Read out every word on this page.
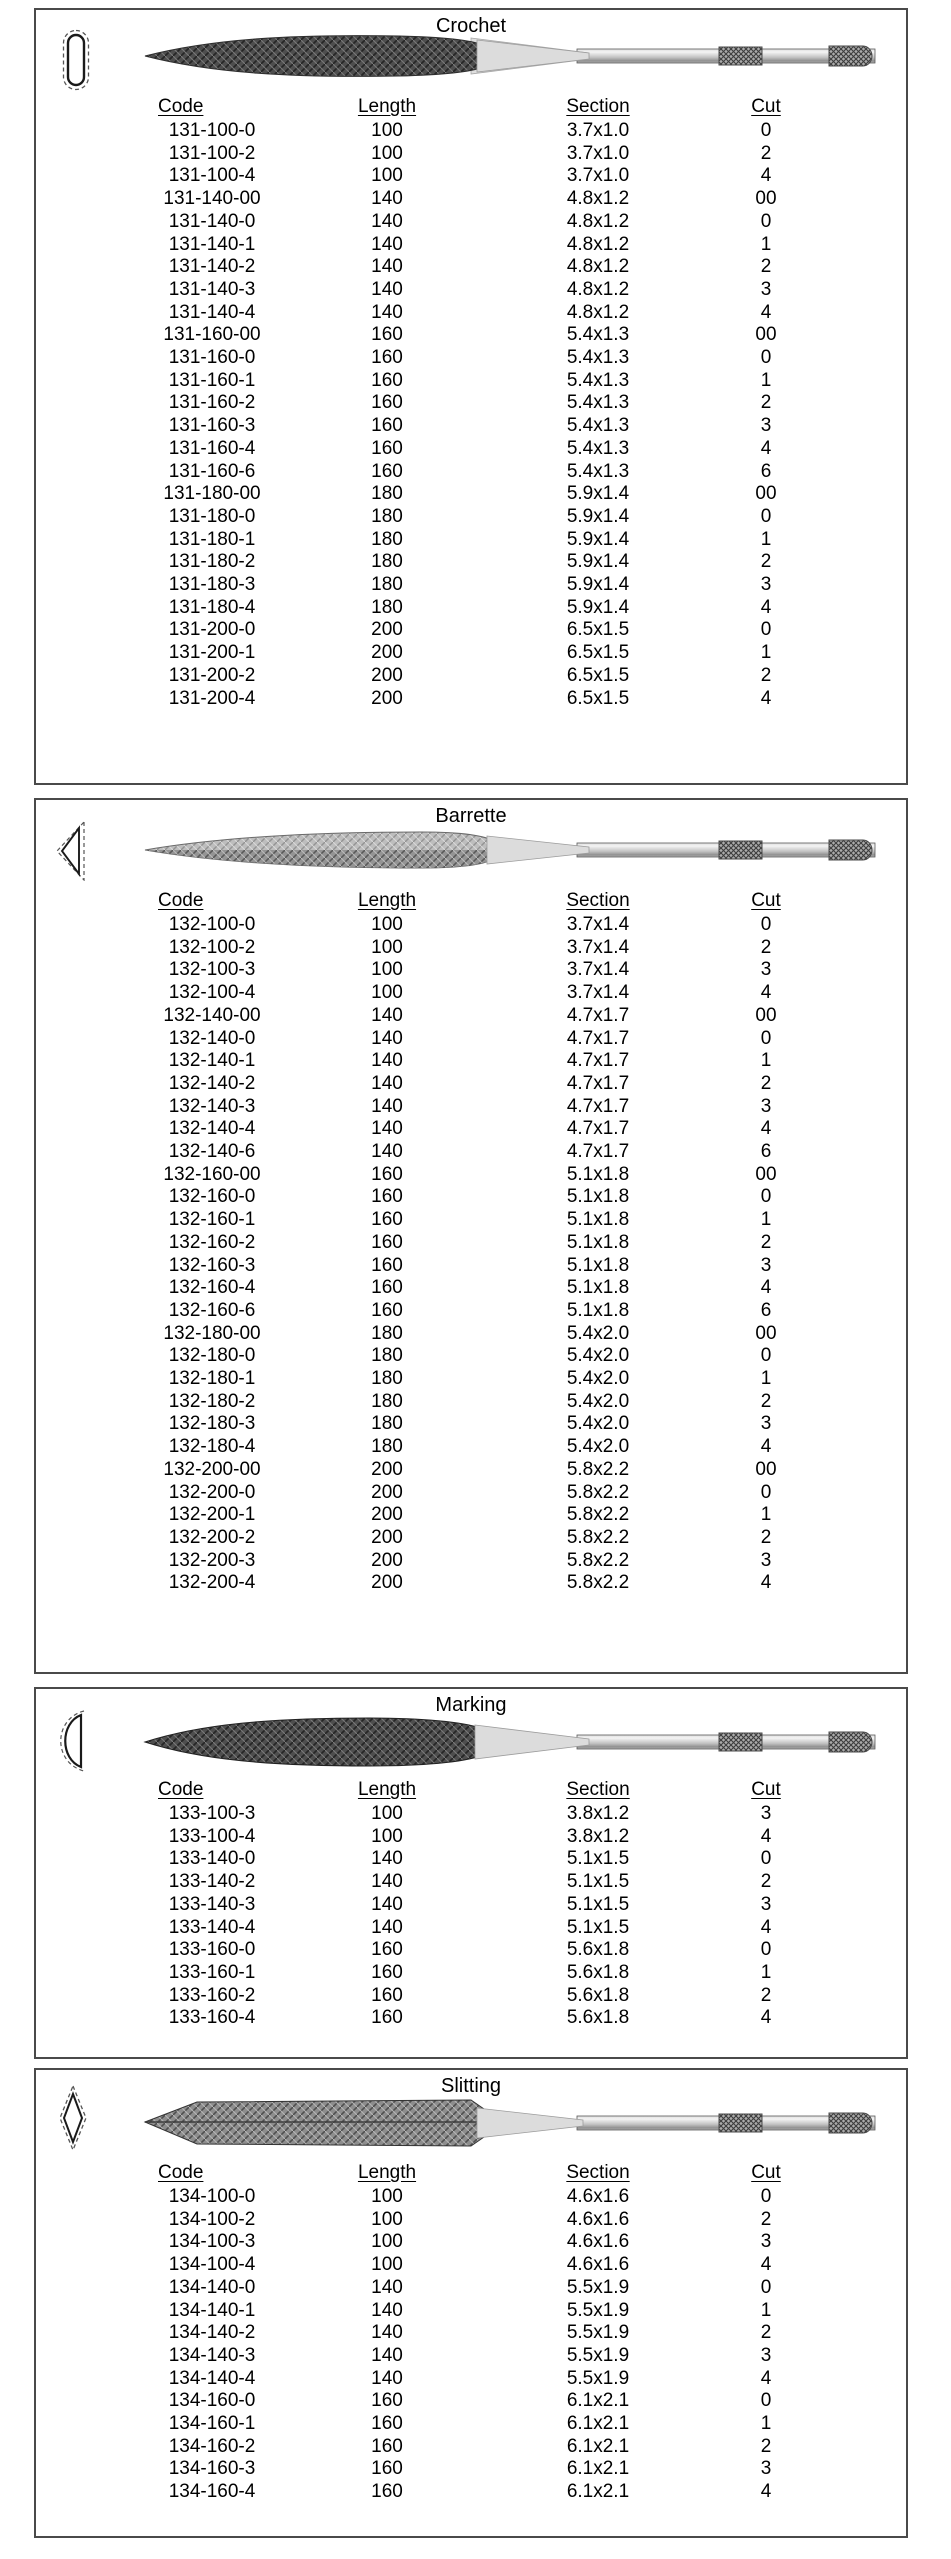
Crochet
Code	Length	Section	Cut
131-100-0	100	3.7x1.0	0
131-100-2	100	3.7x1.0	2
131-100-4	100	3.7x1.0	4
131-140-00	140	4.8x1.2	00
131-140-0	140	4.8x1.2	0
131-140-1	140	4.8x1.2	1
131-140-2	140	4.8x1.2	2
131-140-3	140	4.8x1.2	3
131-140-4	140	4.8x1.2	4
131-160-00	160	5.4x1.3	00
131-160-0	160	5.4x1.3	0
131-160-1	160	5.4x1.3	1
131-160-2	160	5.4x1.3	2
131-160-3	160	5.4x1.3	3
131-160-4	160	5.4x1.3	4
131-160-6	160	5.4x1.3	6
131-180-00	180	5.9x1.4	00
131-180-0	180	5.9x1.4	0
131-180-1	180	5.9x1.4	1
131-180-2	180	5.9x1.4	2
131-180-3	180	5.9x1.4	3
131-180-4	180	5.9x1.4	4
131-200-0	200	6.5x1.5	0
131-200-1	200	6.5x1.5	1
131-200-2	200	6.5x1.5	2
131-200-4	200	6.5x1.5	4
Barrette
Code	Length	Section	Cut
132-100-0	100	3.7x1.4	0
132-100-2	100	3.7x1.4	2
132-100-3	100	3.7x1.4	3
132-100-4	100	3.7x1.4	4
132-140-00	140	4.7x1.7	00
132-140-0	140	4.7x1.7	0
132-140-1	140	4.7x1.7	1
132-140-2	140	4.7x1.7	2
132-140-3	140	4.7x1.7	3
132-140-4	140	4.7x1.7	4
132-140-6	140	4.7x1.7	6
132-160-00	160	5.1x1.8	00
132-160-0	160	5.1x1.8	0
132-160-1	160	5.1x1.8	1
132-160-2	160	5.1x1.8	2
132-160-3	160	5.1x1.8	3
132-160-4	160	5.1x1.8	4
132-160-6	160	5.1x1.8	6
132-180-00	180	5.4x2.0	00
132-180-0	180	5.4x2.0	0
132-180-1	180	5.4x2.0	1
132-180-2	180	5.4x2.0	2
132-180-3	180	5.4x2.0	3
132-180-4	180	5.4x2.0	4
132-200-00	200	5.8x2.2	00
132-200-0	200	5.8x2.2	0
132-200-1	200	5.8x2.2	1
132-200-2	200	5.8x2.2	2
132-200-3	200	5.8x2.2	3
132-200-4	200	5.8x2.2	4
Marking
Code	Length	Section	Cut
133-100-3	100	3.8x1.2	3
133-100-4	100	3.8x1.2	4
133-140-0	140	5.1x1.5	0
133-140-2	140	5.1x1.5	2
133-140-3	140	5.1x1.5	3
133-140-4	140	5.1x1.5	4
133-160-0	160	5.6x1.8	0
133-160-1	160	5.6x1.8	1
133-160-2	160	5.6x1.8	2
133-160-4	160	5.6x1.8	4
Slitting
Code	Length	Section	Cut
134-100-0	100	4.6x1.6	0
134-100-2	100	4.6x1.6	2
134-100-3	100	4.6x1.6	3
134-100-4	100	4.6x1.6	4
134-140-0	140	5.5x1.9	0
134-140-1	140	5.5x1.9	1
134-140-2	140	5.5x1.9	2
134-140-3	140	5.5x1.9	3
134-140-4	140	5.5x1.9	4
134-160-0	160	6.1x2.1	0
134-160-1	160	6.1x2.1	1
134-160-2	160	6.1x2.1	2
134-160-3	160	6.1x2.1	3
134-160-4	160	6.1x2.1	4
